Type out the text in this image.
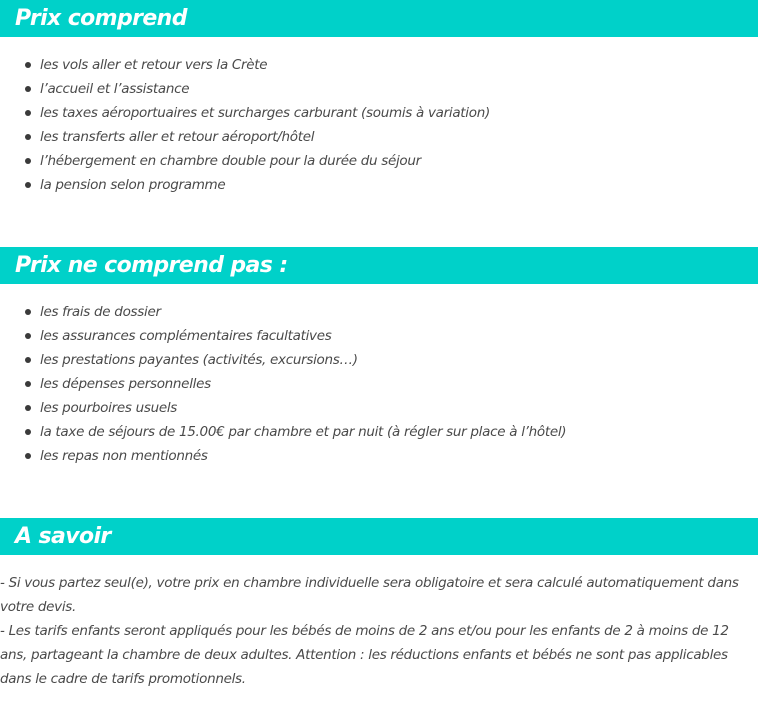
Prix comprend
les vols aller et retour vers la Crète
l’accueil et l’assistance
les taxes aéroportuaires et surcharges carburant (soumis à variation)
les transferts aller et retour aéroport/hôtel
l’hébergement en chambre double pour la durée du séjour
la pension selon programme
Prix ne comprend pas :
les frais de dossier
les assurances complémentaires facultatives
les prestations payantes (activités, excursions…)
les dépenses personnelles
les pourboires usuels
la taxe de séjours de 15.00€ par chambre et par nuit (à régler sur place à l’hôtel)
les repas non mentionnés
A savoir

- Si vous partez seul(e), votre prix en chambre individuelle sera obligatoire et sera calculé automatiquement dans votre devis.

- Les tarifs enfants seront appliqués pour les bébés de moins de 2 ans et/ou pour les enfants de 2 à moins de 12 ans, partageant la chambre de deux adultes. Attention : les réductions enfants et bébés ne sont pas applicables dans le cadre de tarifs promotionnels.
